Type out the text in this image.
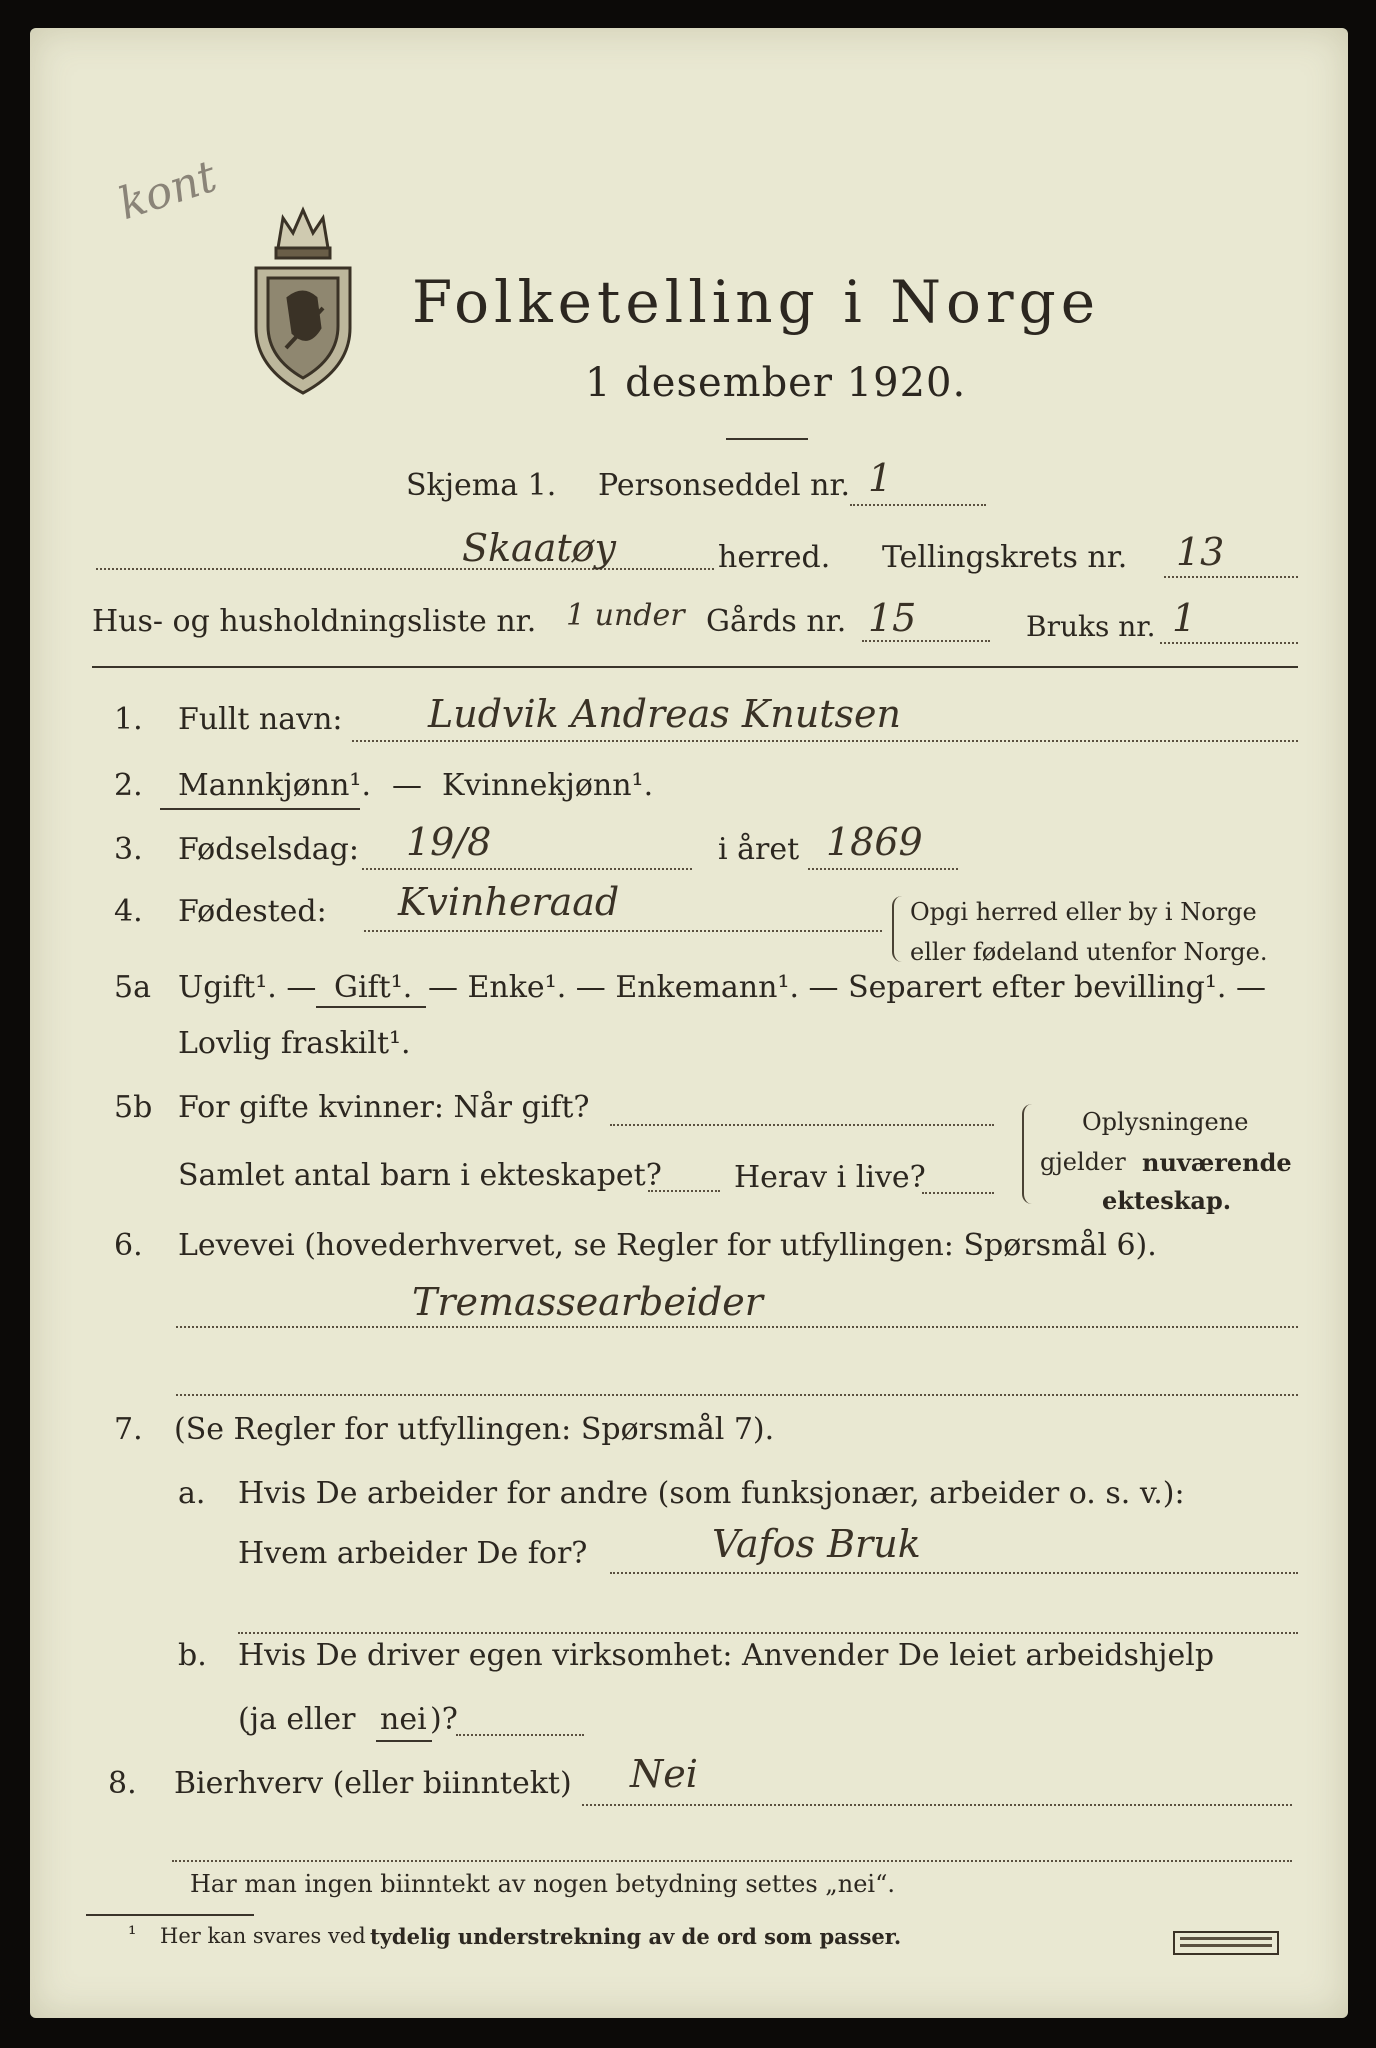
kont
Folketelling i Norge
1 desember 1920.
Skjema 1. Personseddel nr. 1
Skaatøy	herred. Tellingskrets nr. 13
Hus- og husholdningsliste nr. 1 under Gårds nr. 15	Bruks nr. 1
1. Fullt navn: Ludvik Andreas Knutsen
2. Mannkjønn¹. — Kvinnekjønn¹.
3. Fødselsdag: 19/8	i året 1869
4. Fødested: Kvinheraad	Opgi herred eller by i Norge
eller fødeland utenfor Norge.
5a Ugift¹. — Gift¹. — Enke¹. — Enkemann¹. — Separert efter bevilling¹. —
Lovlig fraskilt¹.
5b For gifte kvinner: Når gift?
Samlet antal barn i ekteskapet? Herav i live?
Oplysningene
gjelder nuværende
ekteskap.
6. Levevei (hovederhvervet, se Regler for utfyllingen: Spørsmål 6).
Tremassearbeider
7. (Se Regler for utfyllingen: Spørsmål 7).
a. Hvis De arbeider for andre (som funksjonær, arbeider o. s. v.):
Hvem arbeider De for?	Vafos Bruk
b. Hvis De driver egen virksomhet: Anvender De leiet arbeidshjelp
(ja eller nei )?
8. Bierhverv (eller biinntekt) Nei
Har man ingen biinntekt av nogen betydning settes „nei“.
¹ Her kan svares ved tydelig understrekning av de ord som passer.
